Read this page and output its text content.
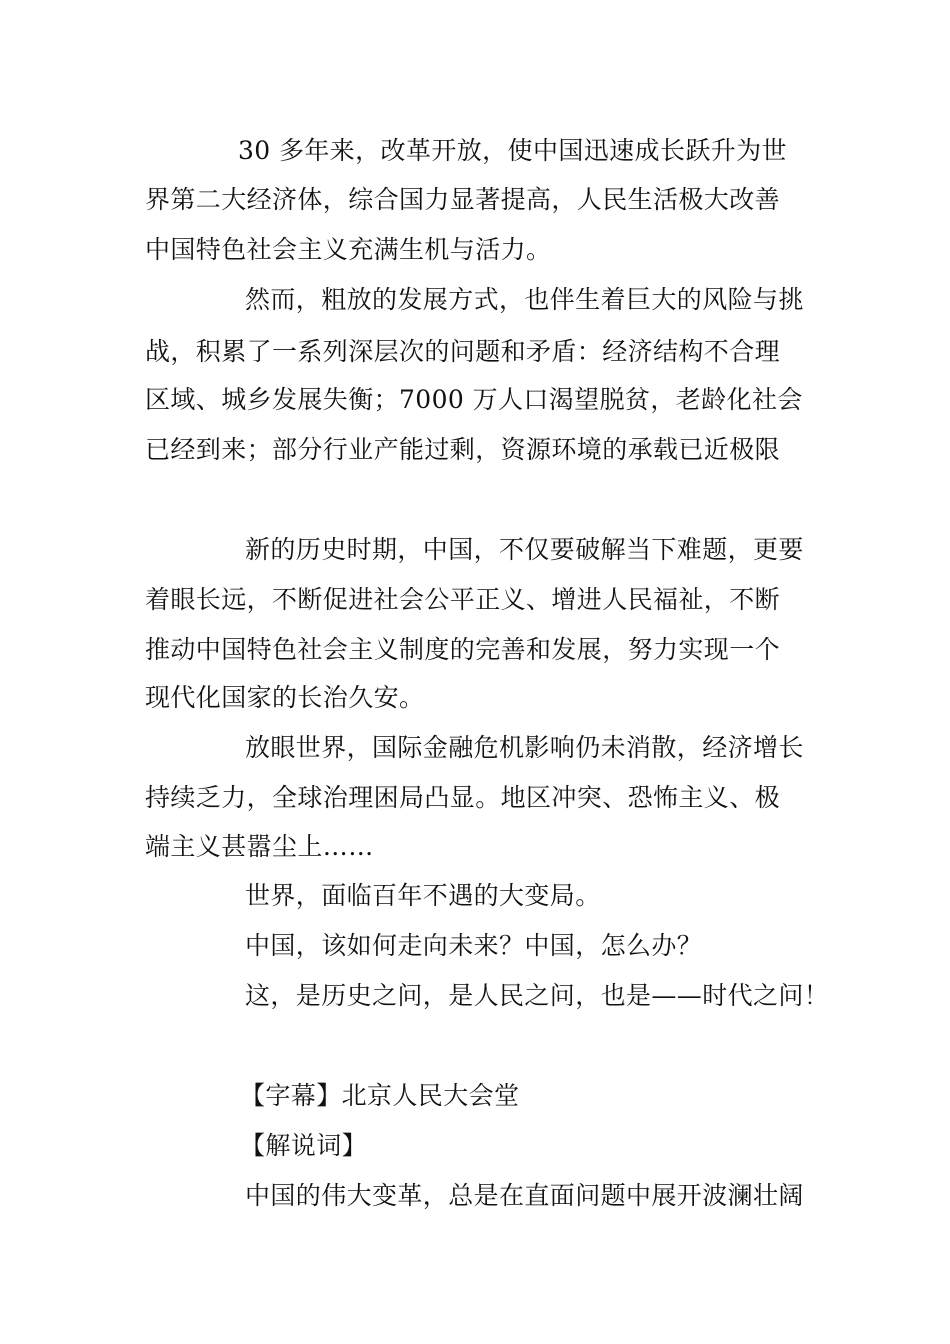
30 多年来，改革开放，使中国迅速成长跃升为世
界第二大经济体，综合国力显著提高，人民生活极大改善
中国特色社会主义充满生机与活力。
然而，粗放的发展方式，也伴生着巨大的风险与挑
战，积累了一系列深层次的问题和矛盾：经济结构不合理
区域、城乡发展失衡；7000 万人口渴望脱贫，老龄化社会
已经到来；部分行业产能过剩，资源环境的承载已近极限
新的历史时期，中国，不仅要破解当下难题，更要
着眼长远，不断促进社会公平正义、增进人民福祉，不断
推动中国特色社会主义制度的完善和发展，努力实现一个
现代化国家的长治久安。
放眼世界，国际金融危机影响仍未消散，经济增长
持续乏力，全球治理困局凸显。地区冲突、恐怖主义、极
端主义甚嚣尘上……
世界，面临百年不遇的大变局。
中国，该如何走向未来？中国，怎么办？
这，是历史之问，是人民之问，也是——时代之问！
【字幕】北京人民大会堂
【解说词】
中国的伟大变革，总是在直面问题中展开波澜壮阔
